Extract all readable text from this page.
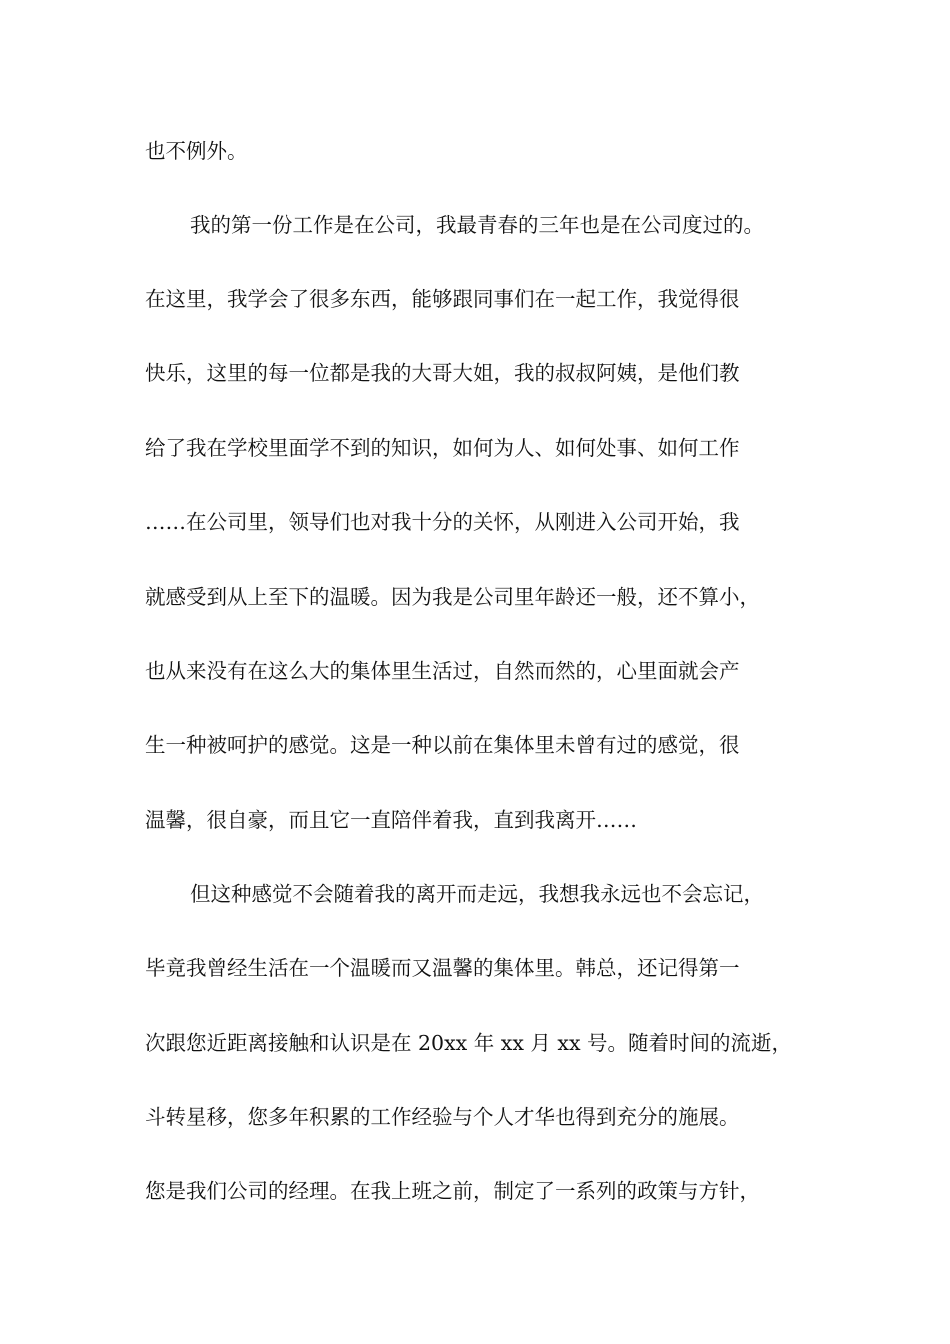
也不例外。
我的第一份工作是在公司，我最青春的三年也是在公司度过的。
在这里，我学会了很多东西，能够跟同事们在一起工作，我觉得很
快乐，这里的每一位都是我的大哥大姐，我的叔叔阿姨，是他们教
给了我在学校里面学不到的知识，如何为人、如何处事、如何工作
……在公司里，领导们也对我十分的关怀，从刚进入公司开始，我
就感受到从上至下的温暖。因为我是公司里年龄还一般，还不算小，
也从来没有在这么大的集体里生活过，自然而然的，心里面就会产
生一种被呵护的感觉。这是一种以前在集体里未曾有过的感觉，很
温馨，很自豪，而且它一直陪伴着我，直到我离开……
但这种感觉不会随着我的离开而走远，我想我永远也不会忘记，
毕竟我曾经生活在一个温暖而又温馨的集体里。韩总，还记得第一
次跟您近距离接触和认识是在 20xx 年 xx 月 xx 号。随着时间的流逝，
斗转星移，您多年积累的工作经验与个人才华也得到充分的施展。
您是我们公司的经理。在我上班之前，制定了一系列的政策与方针，
